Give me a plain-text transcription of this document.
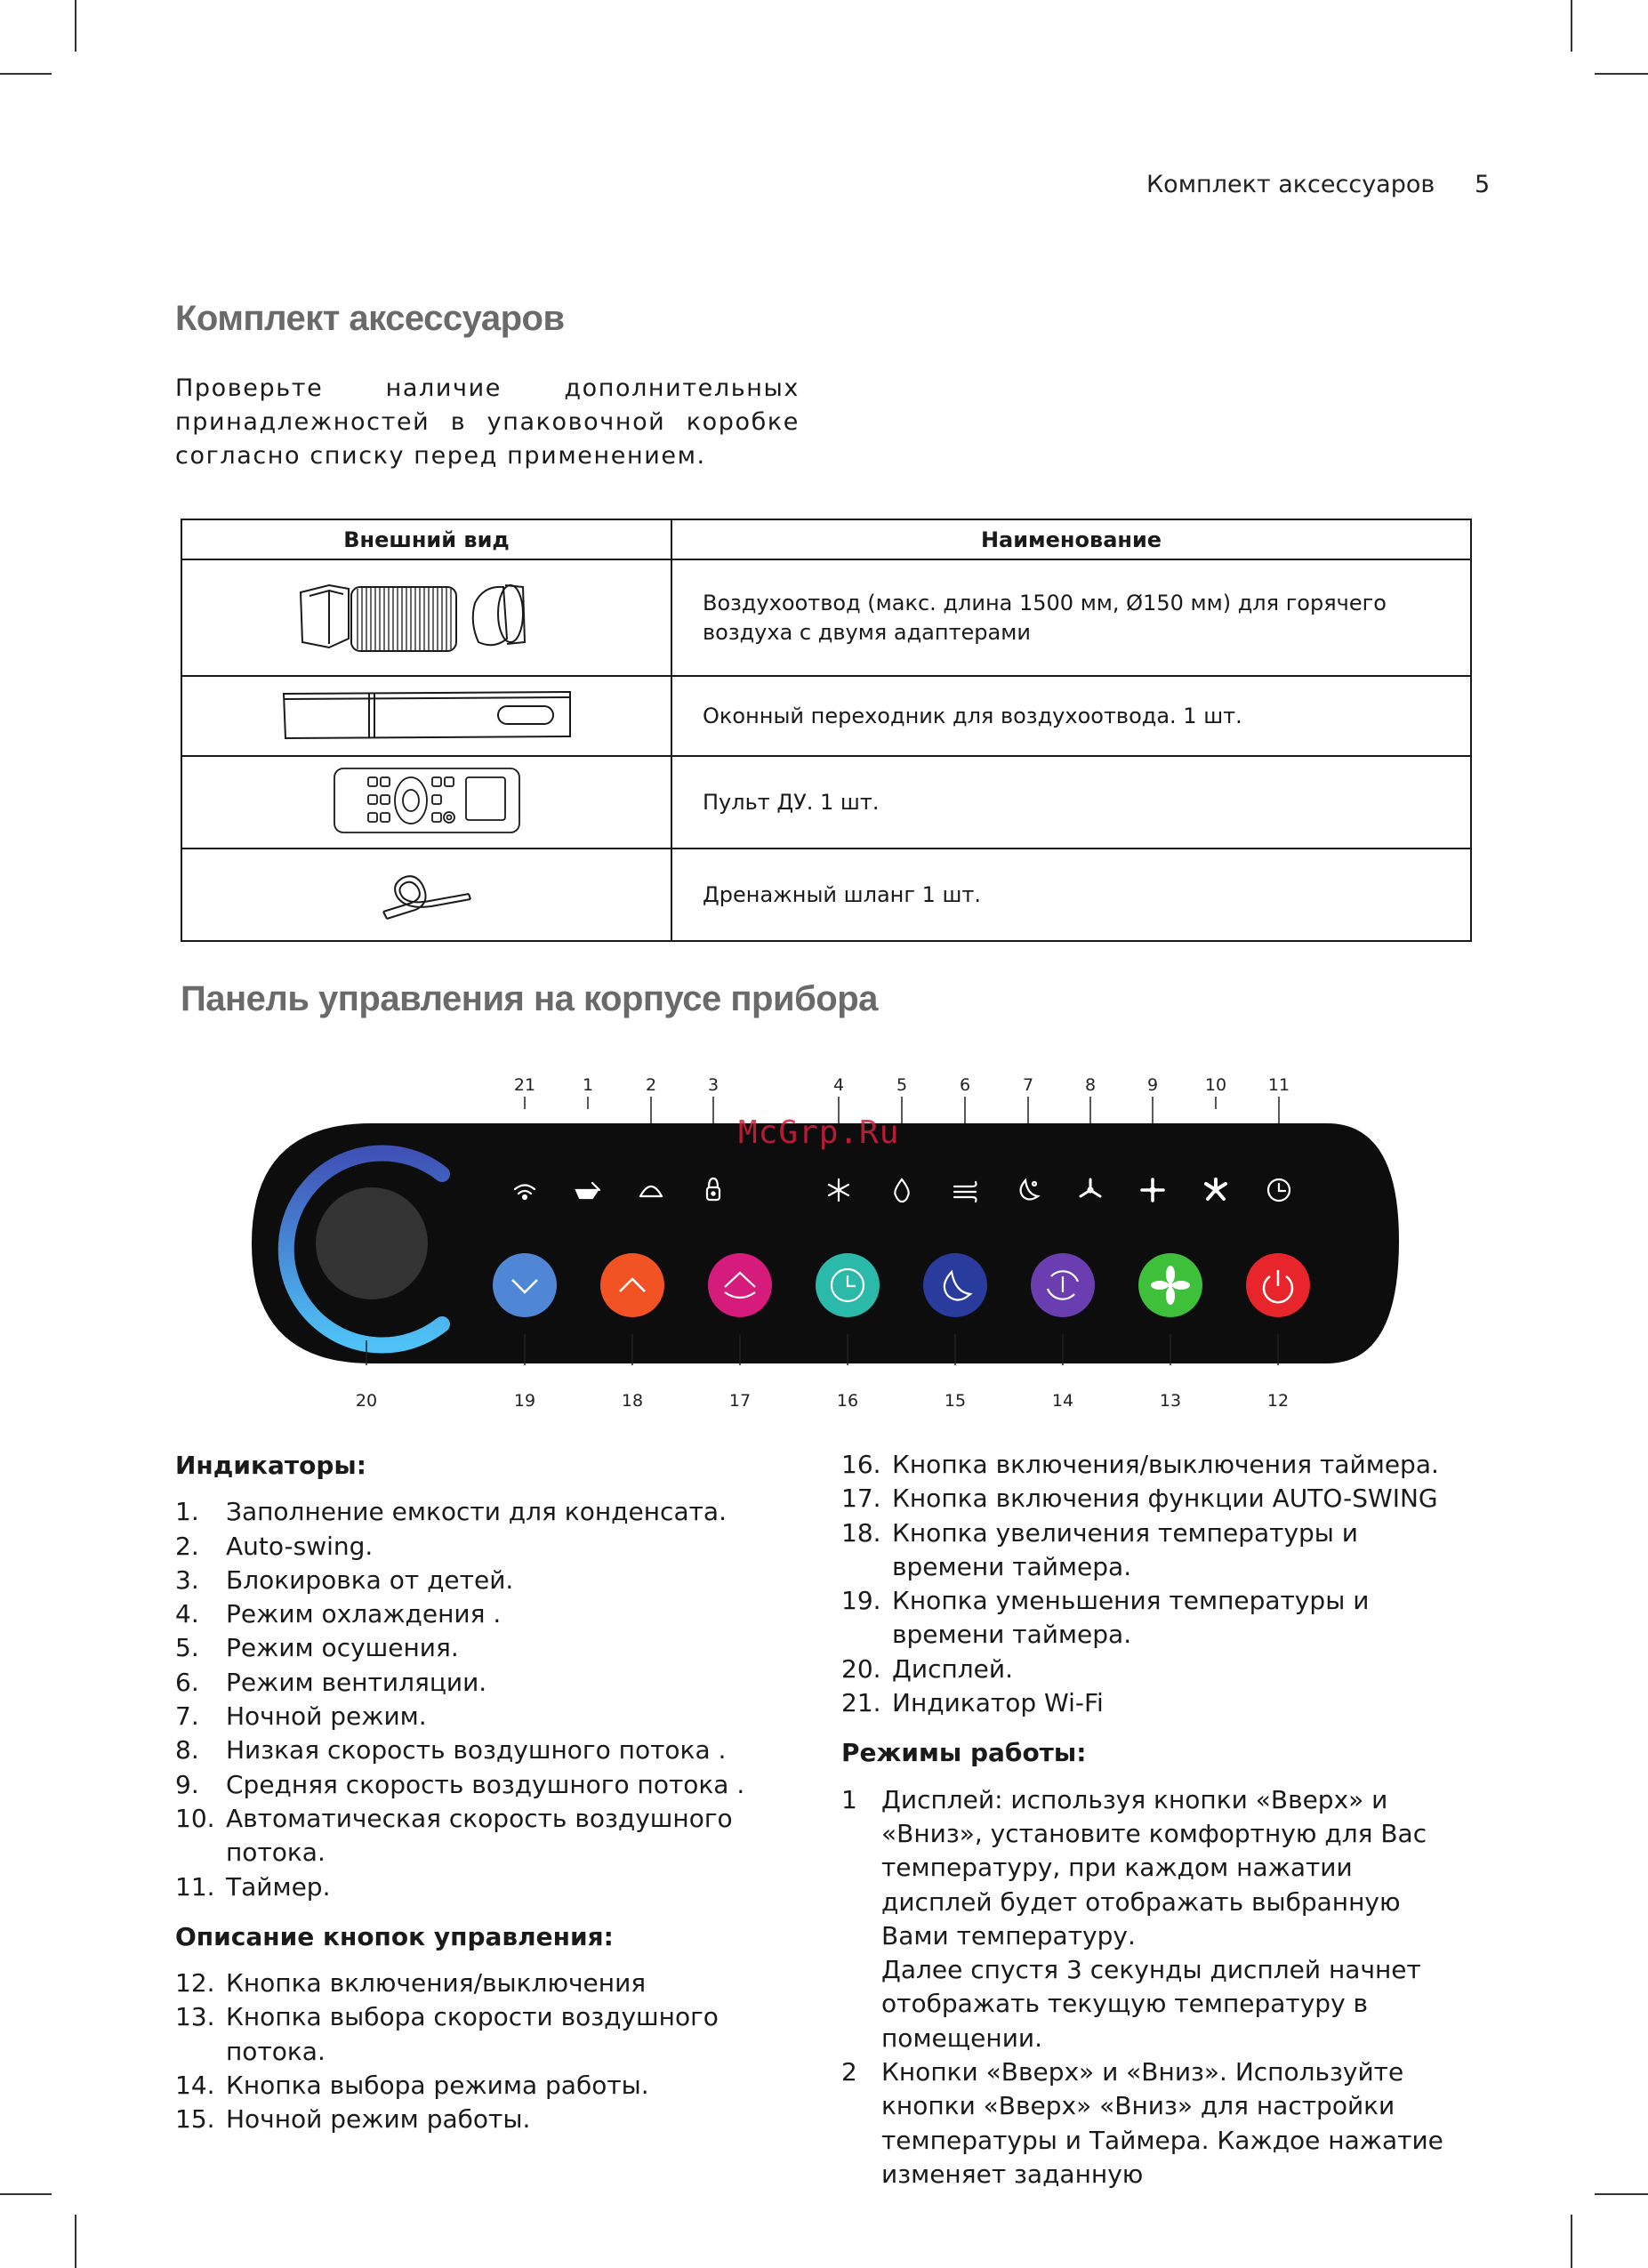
Комплект аксессуаров 5
Комплект аксессуаров
Проверьте наличие дополнительных принадлежностей в упаковочной коробке согласно списку перед применением.
Внешний вид	Наименование
	Воздухоотвод (макс. длина 1500 мм, Ø150 мм) для горячего воздуха с двумя адаптерами
	Оконный переходник для воздухоотвода. 1 шт.
	Пульт ДУ. 1 шт.
	Дренажный шланг 1 шт.
Панель управления на корпусе прибора
21	1	2	3	4	5	6	7	8	9	10 11
20	19	18	17	16	15	14	13	12
McGrp.Ru
Индикаторы:
1. Заполнение емкости для конденсата.
2. Auto-swing.
3. Блокировка от детей.
4. Режим охлаждения .
5. Режим осушения.
6. Режим вентиляции.
7. Ночной режим.
8. Низкая скорость воздушного потока .
9. Средняя скорость воздушного потока .
10. Автоматическая скорость воздушного потока.
11. Таймер.
Описание кнопок управления:
12. Кнопка включения/выключения
13. Кнопка выбора скорости воздушного потока.
14. Кнопка выбора режима работы.
15. Ночной режим работы.
16. Кнопка включения/выключения таймера.
17. Кнопка включения функции AUTO-SWING
18. Кнопка увеличения температуры и времени таймера.
19. Кнопка уменьшения температуры и времени таймера.
20. Дисплей.
21. Индикатор Wi-Fi
Режимы работы:
1 Дисплей: используя кнопки «Вверх» и «Вниз», установите комфортную для Вас температуру, при каждом нажатии дисплей будет отображать выбранную Вами температуру.
Далее спустя 3 секунды дисплей начнет отображать текущую температуру в помещении.
2 Кнопки «Вверх» и «Вниз». Используйте кнопки «Вверх» «Вниз» для настройки температуры и Таймера. Каждое нажатие изменяет заданную
